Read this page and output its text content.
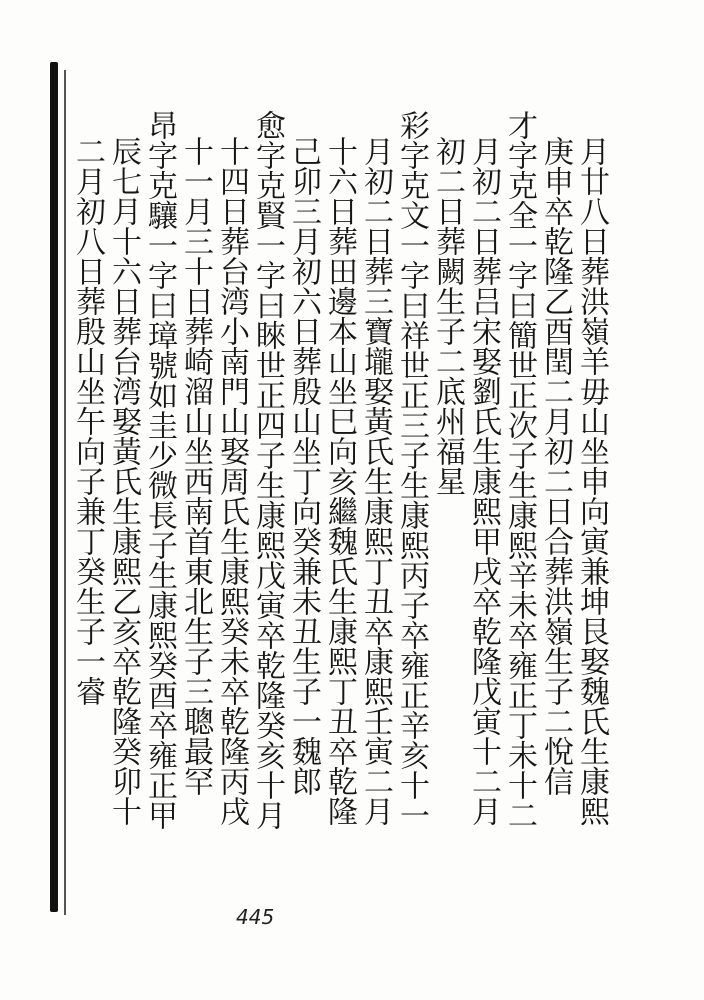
月廿八日葬洪嶺羊毋山坐申向寅兼坤艮娶魏氏生康熙
庚申卒乾隆乙酉閏二月初二日合葬洪嶺生子二悅信
才字克全一字曰簡世正次子生康熙辛未卒雍正丁未十二
月初二日葬吕宋娶劉氏生康熙甲戌卒乾隆戊寅十二月
初二日葬闕生子二底州福星
彩字克文一字曰祥世正三子生康熙丙子卒雍正辛亥十一
月初二日葬三寶壠娶黃氏生康熙丁丑卒康熙壬寅二月
十六日葬田邊本山坐巳向亥繼魏氏生康熙丁丑卒乾隆
己卯三月初六日葬殷山坐丁向癸兼未丑生子一魏郎
愈字克賢一字曰睞世正四子生康熙戊寅卒乾隆癸亥十月
十四日葬台湾小南門山娶周氏生康熙癸未卒乾隆丙戌
十一月三十日葬崎溜山坐西南首東北生子三聰最罕
昂字克驤一字曰璋號如圭少微長子生康熙癸酉卒雍正甲
辰七月十六日葬台湾娶黃氏生康熙乙亥卒乾隆癸卯十
二月初八日葬殷山坐午向子兼丁癸生子一睿
445
